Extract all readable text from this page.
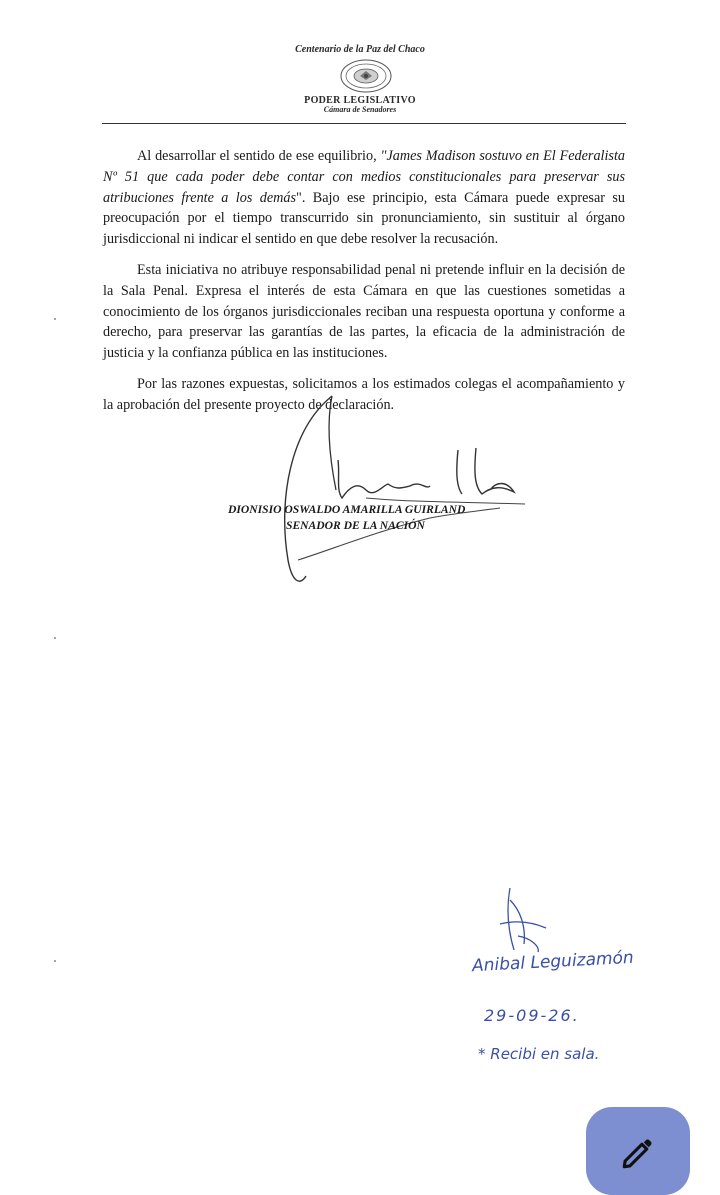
Centenario de la Paz del Chaco
PODER LEGISLATIVO
Cámara de Senadores

Al desarrollar el sentido de ese equilibrio, "James Madison sostuvo en El Federalista Nº 51 que cada poder debe contar con medios constitucionales para preservar sus atribuciones frente a los demás". Bajo ese principio, esta Cámara puede expresar su preocupación por el tiempo transcurrido sin pronunciamiento, sin sustituir al órgano jurisdiccional ni indicar el sentido en que debe resolver la recusación.

Esta iniciativa no atribuye responsabilidad penal ni pretende influir en la decisión de la Sala Penal. Expresa el interés de esta Cámara en que las cuestiones sometidas a conocimiento de los órganos jurisdiccionales reciban una respuesta oportuna y conforme a derecho, para preservar las garantías de las partes, la eficacia de la administración de justicia y la confianza pública en las instituciones.

Por las razones expuestas, solicitamos a los estimados colegas el acompañamiento y la aprobación del presente proyecto de declaración.

DIONISIO OSWALDO AMARILLA GUIRLAND
SENADOR DE LA NACIÓN
Anibal Leguizamón
29-09-26.
* Recibi en sala.
